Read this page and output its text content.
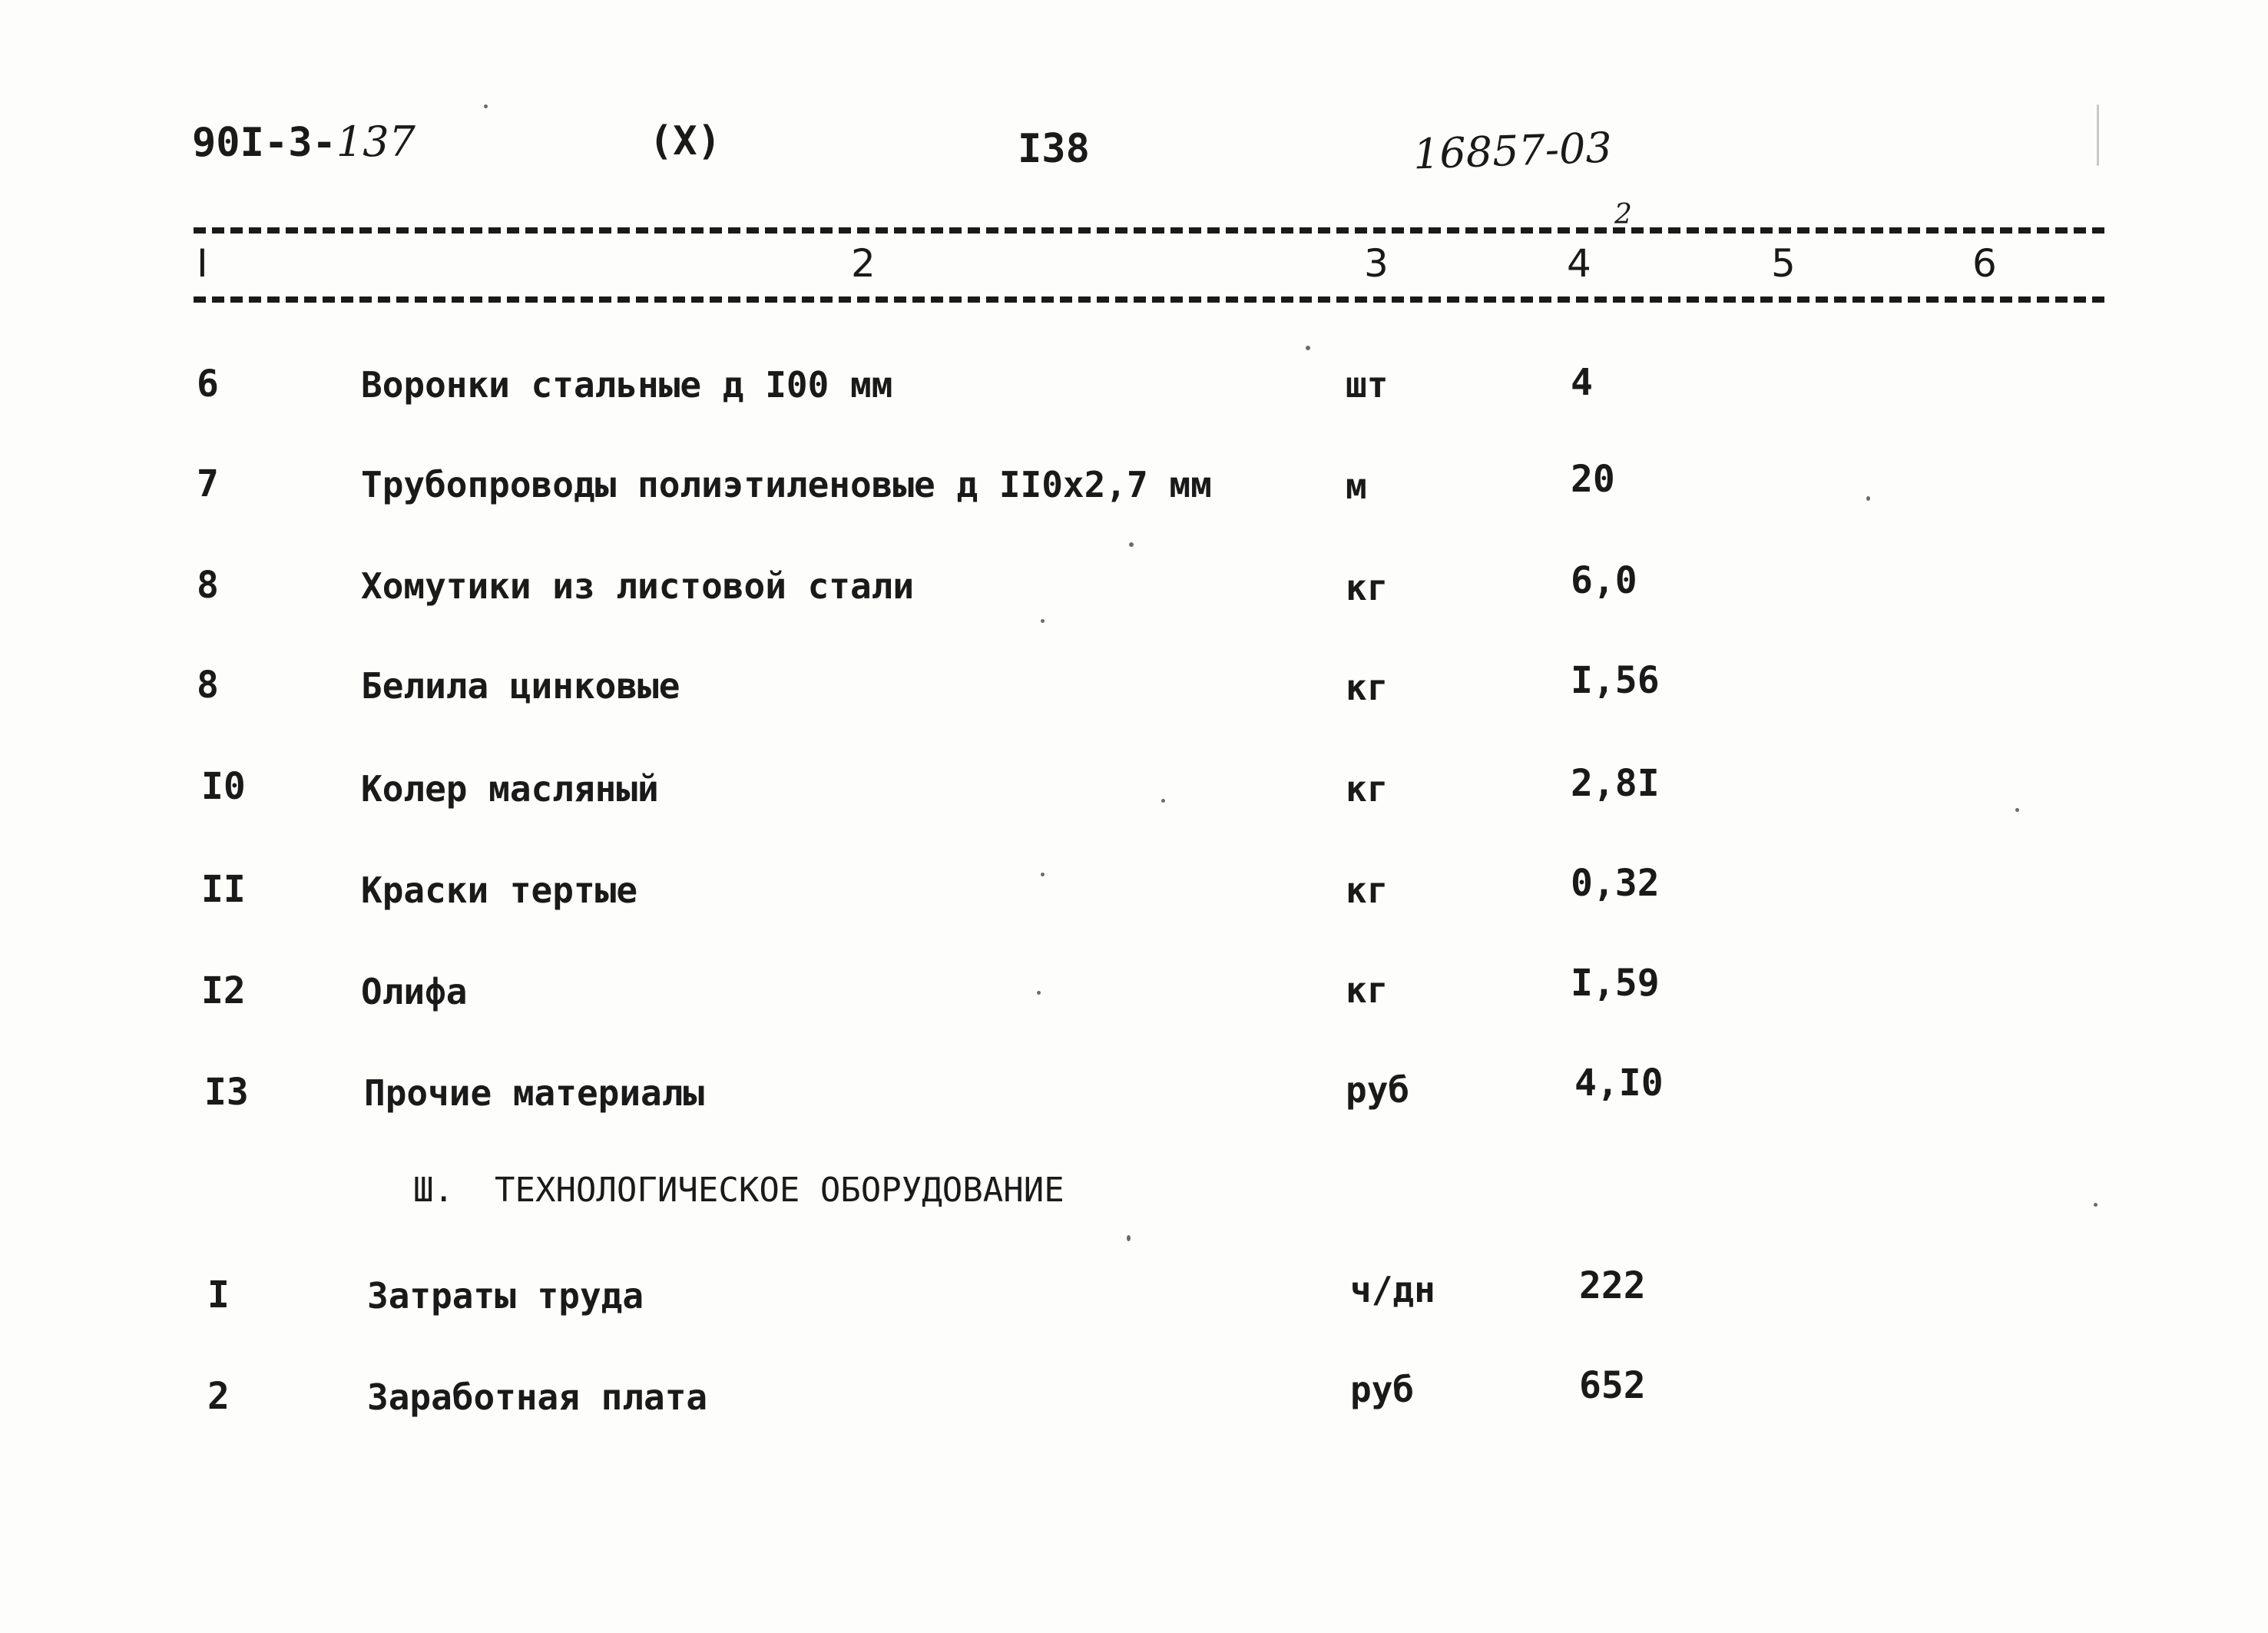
90I-3-137	(X)	I38	16857-03
2
I	2	3	4	5	6
6	Воронки стальные д I00 мм	шт	4
7	Трубопроводы полиэтиленовые д II0х2,7 мм	м	20
8	Хомутики из листовой стали	кг	6,0
8	Белила цинковые	кг	I,56
I0	Колер масляный	кг	2,8I
II	Краски тертые	кг	0,32
I2	Олифа	кг	I,59
I3	Прочие материалы	руб	4,I0
Ш. ТЕХНОЛОГИЧЕСКОЕ ОБОРУДОВАНИЕ
I	Затраты труда	ч/дн	222
2	Заработная плата	руб	652
